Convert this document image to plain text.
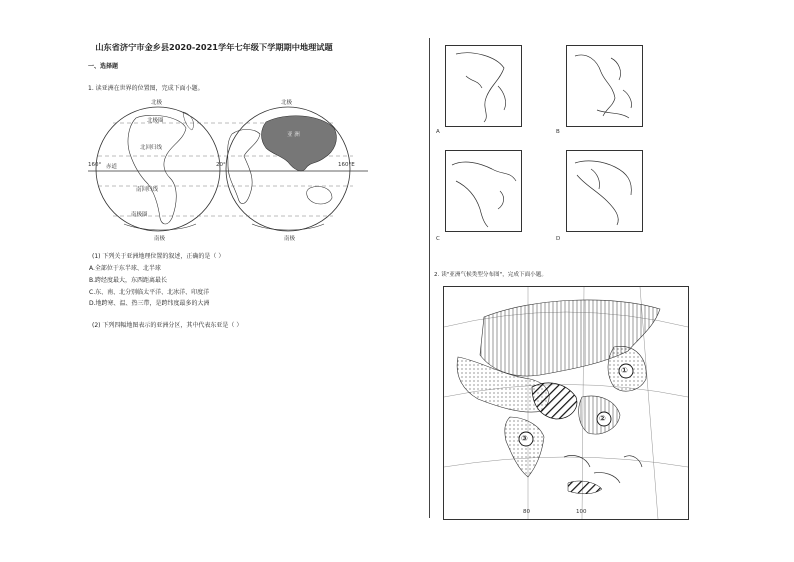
山东省济宁市金乡县2020-2021学年七年级下学期期中地理试题
一、选择题
1. 读亚洲在世界的位置图，完成下面小题。
北极	北极
北极圈
北回归线
160° 赤道	20°	160°E
亚 洲
南回归线
南极圈
南极	南极
(1) 下列关于亚洲地理位置的叙述，正确的是（ ）
A.全部位于东半球、北半球
B.跨经度最大，东西距离最长
C.东、南、北分别临太平洋、北冰洋、印度洋
D.地跨寒、温、热三带，是跨纬度最多的大洲
(2) 下列四幅地图表示的亚洲分区，其中代表东亚是（ ）
A	B
C	D
2. 读"亚洲气候类型分布图"，完成下面小题。
①
②
③
80	100
